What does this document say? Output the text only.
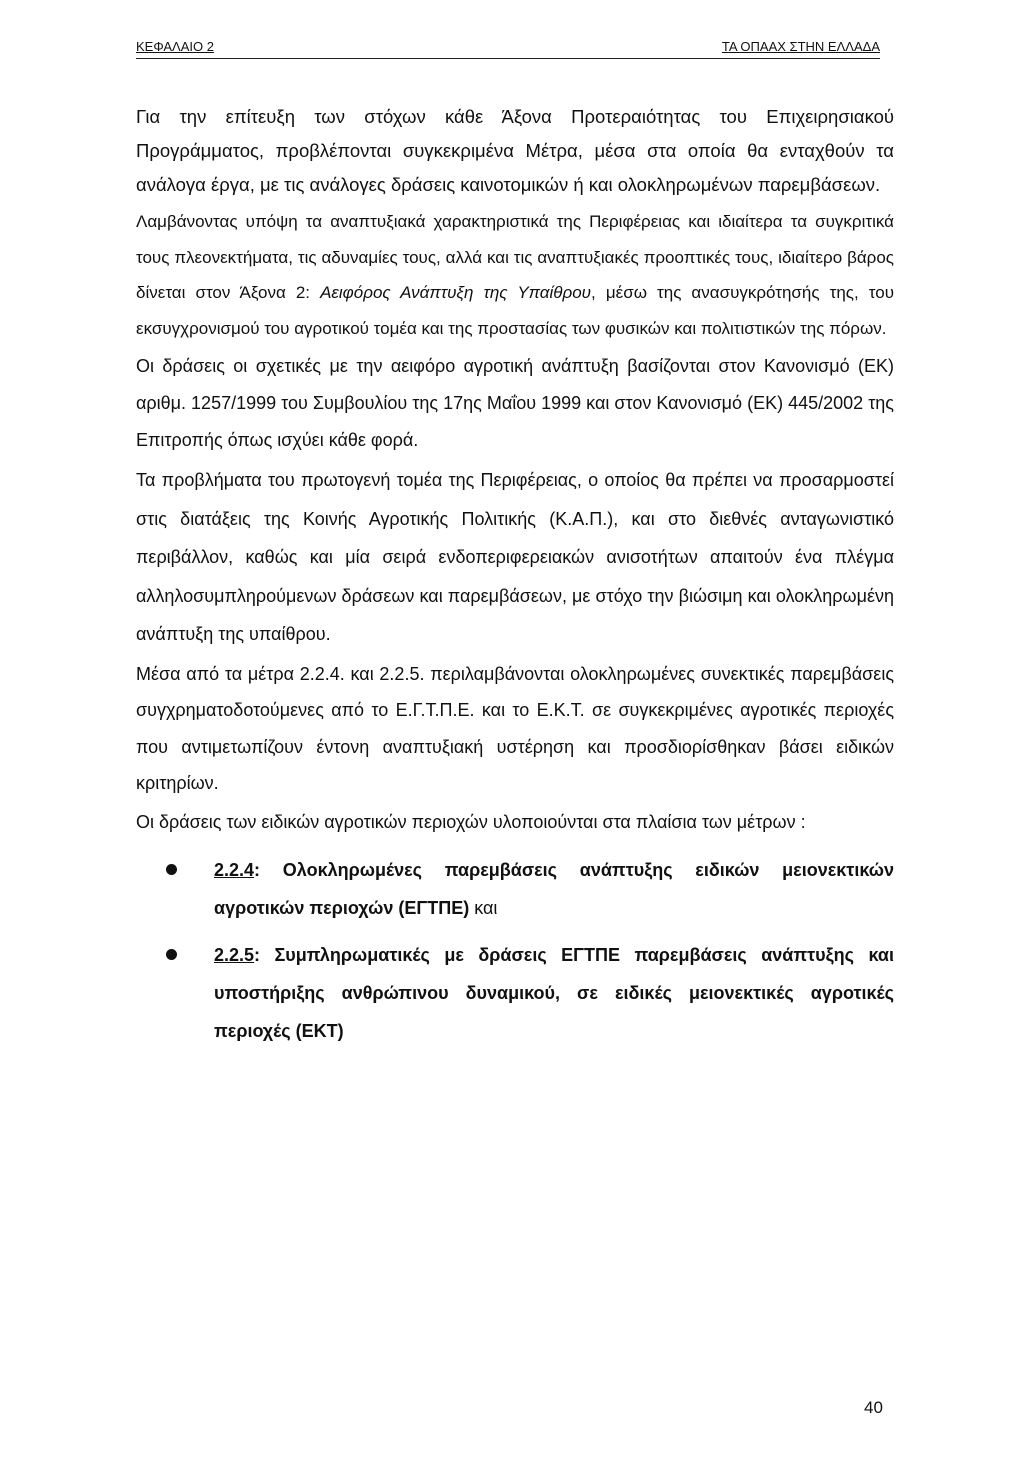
ΚΕΦΑΛΑΙΟ 2	ΤΑ ΟΠΑΑΧ ΣΤΗΝ ΕΛΛΑΔΑ

Για την επίτευξη των στόχων κάθε Άξονα Προτεραιότητας του Επιχειρησιακού Προγράμματος, προβλέπονται συγκεκριμένα Μέτρα, μέσα στα οποία θα ενταχθούν τα ανάλογα έργα, με τις ανάλογες δράσεις καινοτομικών ή και ολοκληρωμένων παρεμβάσεων.

Λαμβάνοντας υπόψη τα αναπτυξιακά χαρακτηριστικά της Περιφέρειας και ιδιαίτερα τα συγκριτικά τους πλεονεκτήματα, τις αδυναμίες τους, αλλά και τις αναπτυξιακές προοπτικές τους, ιδιαίτερο βάρος δίνεται στον Άξονα 2: Αειφόρος Ανάπτυξη της Υπαίθρου, μέσω της ανασυγκρότησής της, του εκσυγχρονισμού του αγροτικού τομέα και της προστασίας των φυσικών και πολιτιστικών της πόρων.

Οι δράσεις οι σχετικές με την αειφόρο αγροτική ανάπτυξη βασίζονται στον Κανονισμό (ΕΚ) αριθμ. 1257/1999 του Συμβουλίου της 17ης Μαΐου 1999 και στον Κανονισμό (ΕΚ) 445/2002 της Επιτροπής όπως ισχύει κάθε φορά.

Τα προβλήματα του πρωτογενή τομέα της Περιφέρειας, ο οποίος θα πρέπει να προσαρμοστεί στις διατάξεις της Κοινής Αγροτικής Πολιτικής (Κ.Α.Π.), και στο διεθνές ανταγωνιστικό περιβάλλον, καθώς και μία σειρά ενδοπεριφερειακών ανισοτήτων απαιτούν ένα πλέγμα αλληλοσυμπληρούμενων δράσεων και παρεμβάσεων, με στόχο την βιώσιμη και ολοκληρωμένη ανάπτυξη της υπαίθρου.

Μέσα από τα μέτρα 2.2.4. και 2.2.5. περιλαμβάνονται ολοκληρωμένες συνεκτικές παρεμβάσεις συγχρηματοδοτούμενες από το Ε.Γ.Τ.Π.Ε. και το Ε.Κ.Τ. σε συγκεκριμένες αγροτικές περιοχές που αντιμετωπίζουν έντονη αναπτυξιακή υστέρηση και προσδιορίσθηκαν βάσει ειδικών κριτηρίων.

Οι δράσεις των ειδικών αγροτικών περιοχών υλοποιούνται στα πλαίσια των μέτρων :

2.2.4: Ολοκληρωμένες παρεμβάσεις ανάπτυξης ειδικών μειονεκτικών αγροτικών περιοχών (ΕΓΤΠΕ) και
2.2.5: Συμπληρωματικές με δράσεις ΕΓΤΠΕ παρεμβάσεις ανάπτυξης και υποστήριξης ανθρώπινου δυναμικού, σε ειδικές μειονεκτικές αγροτικές περιοχές (ΕΚΤ)
40
